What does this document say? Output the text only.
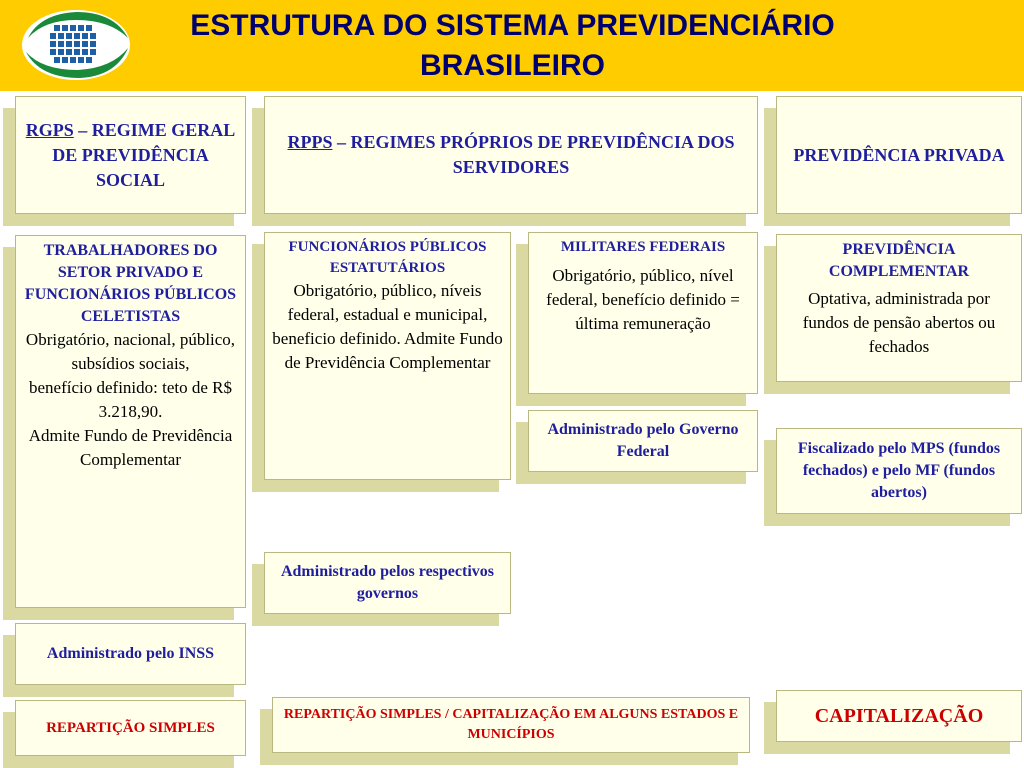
ESTRUTURA DO SISTEMA PREVIDENCIÁRIO
BRASILEIRO
RGPS – REGIME GERAL DE PREVIDÊNCIA SOCIAL
TRABALHADORES DO SETOR PRIVADO E FUNCIONÁRIOS PÚBLICOS CELETISTAS
Obrigatório, nacional, público, subsídios sociais,
benefício definido: teto de R$ 3.218,90.
Admite Fundo de Previdência Complementar
Administrado pelo INSS
REPARTIÇÃO SIMPLES
RPPS – REGIMES PRÓPRIOS DE PREVIDÊNCIA DOS SERVIDORES
FUNCIONÁRIOS PÚBLICOS ESTATUTÁRIOS
Obrigatório, público, níveis federal, estadual e municipal, beneficio definido. Admite Fundo de Previdência Complementar
Administrado pelos respectivos governos
MILITARES FEDERAIS
Obrigatório, público, nível federal, benefício definido = última remuneração
Administrado pelo Governo Federal
REPARTIÇÃO SIMPLES / CAPITALIZAÇÃO EM ALGUNS ESTADOS E MUNICÍPIOS
PREVIDÊNCIA PRIVADA
PREVIDÊNCIA COMPLEMENTAR
Optativa, administrada por fundos de pensão abertos ou fechados
Fiscalizado pelo MPS (fundos fechados) e pelo MF (fundos abertos)
CAPITALIZAÇÃO
